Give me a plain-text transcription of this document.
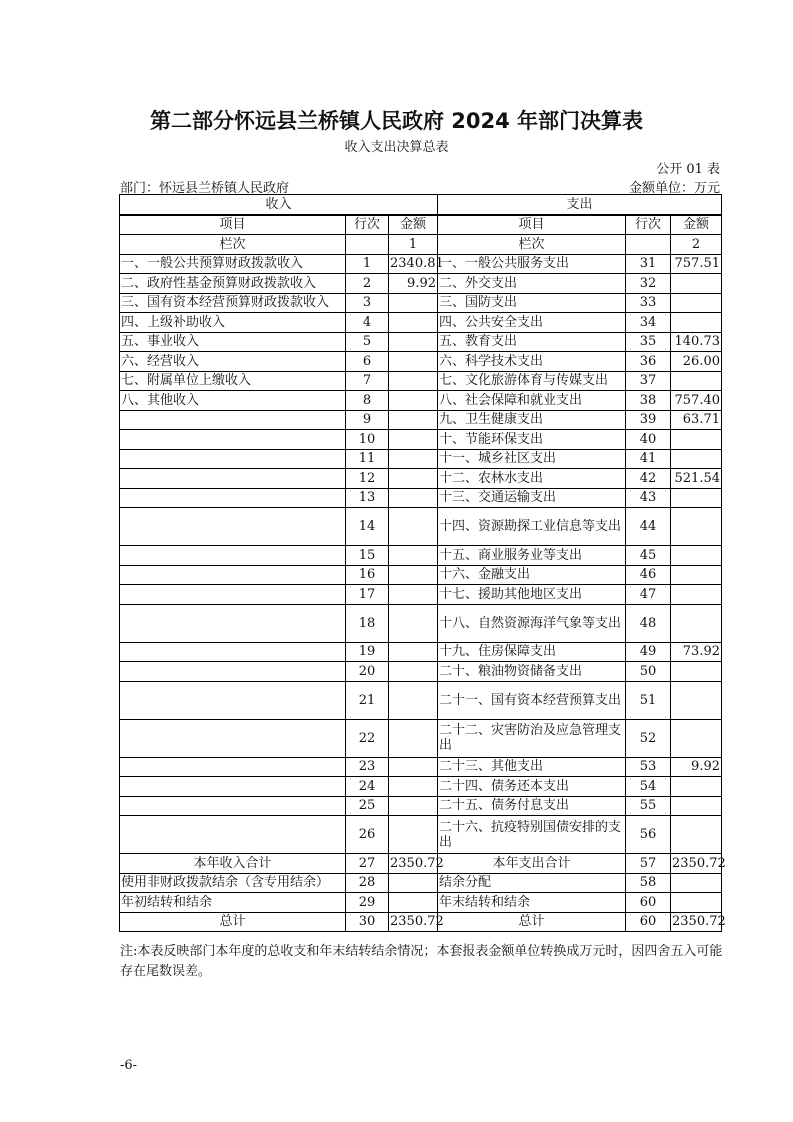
第二部分怀远县兰桥镇人民政府 2024 年部门决算表
收入支出决算总表
公开 01 表
部门：怀远县兰桥镇人民政府	金额单位：万元
收入			支出		
项目	行次	金额	项目	行次	金额
栏次		1	栏次		2
一、一般公共预算财政拨款收入	1	2340.81	一、一般公共服务支出	31	757.51
二、政府性基金预算财政拨款收入	2	9.92	二、外交支出	32	
三、国有资本经营预算财政拨款收入	3		三、国防支出	33	
四、上级补助收入	4		四、公共安全支出	34	
五、事业收入	5		五、教育支出	35	140.73
六、经营收入	6		六、科学技术支出	36	26.00
七、附属单位上缴收入	7		七、文化旅游体育与传媒支出	37	
八、其他收入	8		八、社会保障和就业支出	38	757.40
	9		九、卫生健康支出	39	63.71
	10		十、节能环保支出	40	
	11		十一、城乡社区支出	41	
	12		十二、农林水支出	42	521.54
	13		十三、交通运输支出	43	
	14		十四、资源勘探工业信息等支出	44	
	15		十五、商业服务业等支出	45	
	16		十六、金融支出	46	
	17		十七、援助其他地区支出	47	
	18		十八、自然资源海洋气象等支出	48	
	19		十九、住房保障支出	49	73.92
	20		二十、粮油物资储备支出	50	
	21		二十一、国有资本经营预算支出	51	
	22		二十二、灾害防治及应急管理支出	52	
	23		二十三、其他支出	53	9.92
	24		二十四、债务还本支出	54	
	25		二十五、债务付息支出	55	
	26		二十六、抗疫特别国债安排的支出	56	
本年收入合计	27	2350.72	本年支出合计	57	2350.72
使用非财政拨款结余（含专用结余）	28		结余分配	58	
年初结转和结余	29		年末结转和结余	60	
总计	30	2350.72	总计	60	2350.72
注:本表反映部门本年度的总收支和年末结转结余情况；本套报表金额单位转换成万元时，因四舍五入可能存在尾数误差。
-6-
